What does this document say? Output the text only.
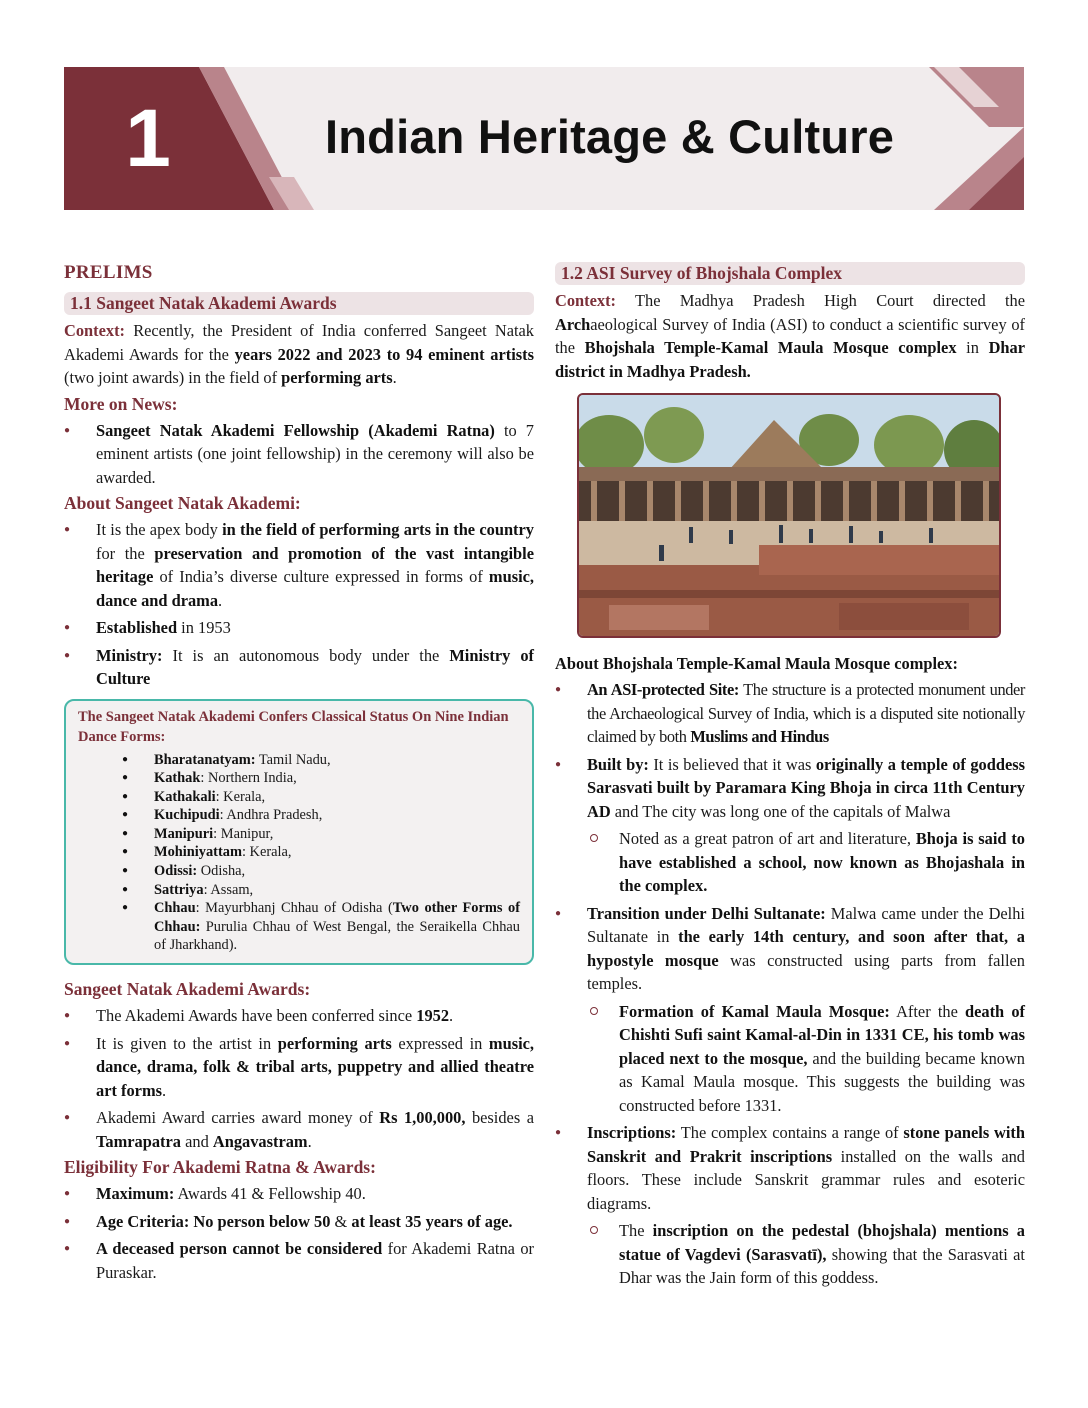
1	Indian Heritage & Culture
PRELIMS
1.1 Sangeet Natak Akademi Awards

Context: Recently, the President of India conferred Sangeet Natak Akademi Awards for the years 2022 and 2023 to 94 eminent artists (two joint awards) in the field of performing arts.

More on News:
● Sangeet Natak Akademi Fellowship (Akademi Ratna) to 7 eminent artists (one joint fellowship) in the ceremony will also be awarded.
About Sangeet Natak Akademi:
● It is the apex body in the field of performing arts in the country for the preservation and promotion of the vast intangible heritage of India’s diverse culture expressed in forms of music, dance and drama.
● Established in 1953
● Ministry: It is an autonomous body under the Ministry of Culture
The Sangeet Natak Akademi Confers Classical Status On Nine Indian Dance Forms:
● Bharatanatyam: Tamil Nadu,
● Kathak: Northern India,
● Kathakali: Kerala,
● Kuchipudi: Andhra Pradesh,
● Manipuri: Manipur,
● Mohiniyattam: Kerala,
● Odissi: Odisha,
● Sattriya: Assam,
● Chhau: Mayurbhanj Chhau of Odisha (Two other Forms of Chhau: Purulia Chhau of West Bengal, the Seraikella Chhau of Jharkhand).
Sangeet Natak Akademi Awards:
● The Akademi Awards have been conferred since 1952.
● It is given to the artist in performing arts expressed in music, dance, drama, folk & tribal arts, puppetry and allied theatre art forms.
● Akademi Award carries award money of Rs 1,00,000, besides a Tamrapatra and Angavastram.
Eligibility For Akademi Ratna & Awards:
● Maximum: Awards 41 & Fellowship 40.
● Age Criteria: No person below 50 & at least 35 years of age.
● A deceased person cannot be considered for Akademi Ratna or Puraskar.
1.2 ASI Survey of Bhojshala Complex

Context: The Madhya Pradesh High Court directed the Archaeological Survey of India (ASI) to conduct a scientific survey of the Bhojshala Temple-Kamal Maula Mosque complex in Dhar district in Madhya Pradesh.

About Bhojshala Temple-Kamal Maula Mosque complex:
● An ASI-protected Site: The structure is a protected monument under the Archaeological Survey of India, which is a disputed site notionally claimed by both Muslims and Hindus
● Built by: It is believed that it was originally a temple of goddess Sarasvati built by Paramara King Bhoja in circa 11th Century AD and The city was long one of the capitals of Malwa
Noted as a great patron of art and literature, Bhoja is said to have established a school, now known as Bhojashala in the complex.
● Transition under Delhi Sultanate: Malwa came under the Delhi Sultanate in the early 14th century, and soon after that, a hypostyle mosque was constructed using parts from fallen temples.
Formation of Kamal Maula Mosque: After the death of Chishti Sufi saint Kamal-al-Din in 1331 CE, his tomb was placed next to the mosque, and the building became known as Kamal Maula mosque. This suggests the building was constructed before 1331.
● Inscriptions: The complex contains a range of stone panels with Sanskrit and Prakrit inscriptions installed on the walls and floors. These include Sanskrit grammar rules and esoteric diagrams.
The inscription on the pedestal (bhojshala) mentions a statue of Vagdevi (Sarasvatī), showing that the Sarasvati at Dhar was the Jain form of this goddess.
